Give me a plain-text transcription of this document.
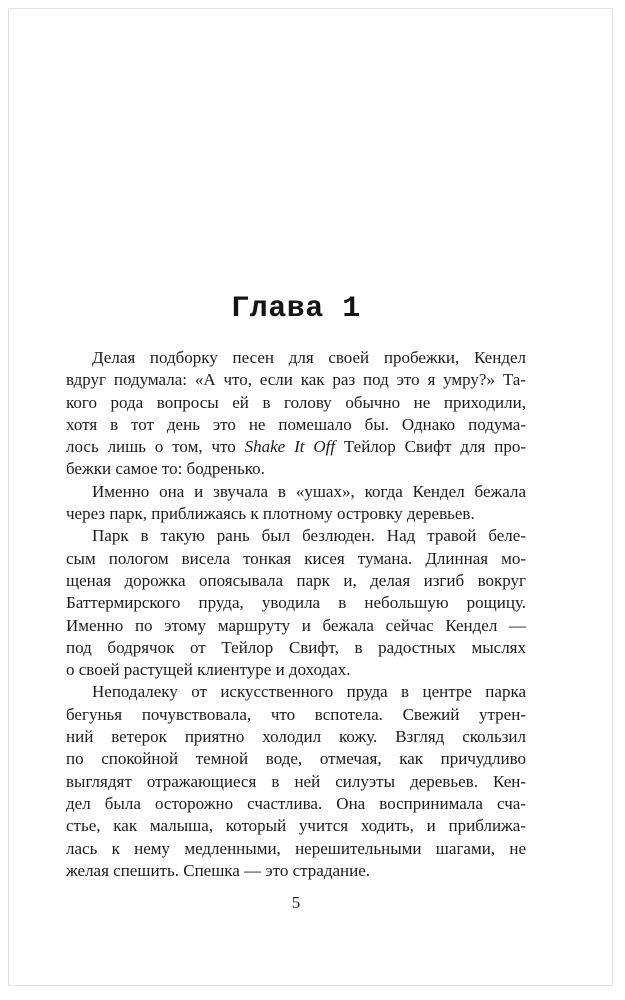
Глава 1
Делая подборку песен для своей пробежки, Кендел
вдруг подумала: «А что, если как раз под это я умру?» Та-
кого рода вопросы ей в голову обычно не приходили,
хотя в тот день это не помешало бы. Однако подума-
лось лишь о том, что Shake It Off Тейлор Свифт для про-
бежки самое то: бодренько.
Именно она и звучала в «ушах», когда Кендел бежала
через парк, приближаясь к плотному островку деревьев.
Парк в такую рань был безлюден. Над травой беле-
сым пологом висела тонкая кисея тумана. Длинная мо-
щеная дорожка опоясывала парк и, делая изгиб вокруг
Баттермирского пруда, уводила в небольшую рощицу.
Именно по этому маршруту и бежала сейчас Кендел —
под бодрячок от Тейлор Свифт, в радостных мыслях
о своей растущей клиентуре и доходах.
Неподалеку от искусственного пруда в центре парка
бегунья почувствовала, что вспотела. Свежий утрен-
ний ветерок приятно холодил кожу. Взгляд скользил
по спокойной темной воде, отмечая, как причудливо
выглядят отражающиеся в ней силуэты деревьев. Кен-
дел была осторожно счастлива. Она воспринимала сча-
стье, как малыша, который учится ходить, и приближа-
лась к нему медленными, нерешительными шагами, не
желая спешить. Спешка — это страдание.
5
